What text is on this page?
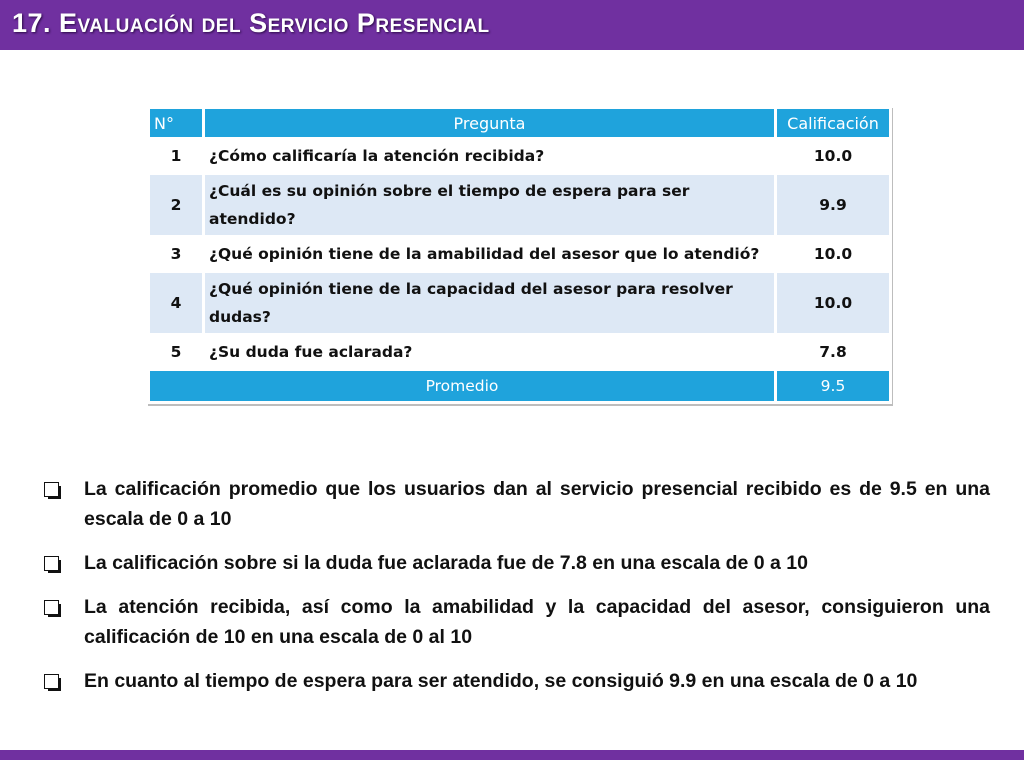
17. Evaluación del Servicio Presencial
N°	Pregunta	Calificación
1	¿Cómo calificaría la atención recibida?	10.0
2	¿Cuál es su opinión sobre el tiempo de espera para ser atendido?	9.9
3	¿Qué opinión tiene de la amabilidad del asesor que lo atendió?	10.0
4	¿Qué opinión tiene de la capacidad del asesor para resolver dudas?	10.0
5	¿Su duda fue aclarada?	7.8
Promedio		9.5
La calificación promedio que los usuarios dan al servicio presencial recibido es de 9.5 en una escala de 0 a 10
La calificación sobre si la duda fue aclarada fue de 7.8 en una escala de 0 a 10
La atención recibida, así como la amabilidad y la capacidad del asesor, consiguieron una calificación de 10 en una escala de 0 al 10
En cuanto al tiempo de espera para ser atendido, se consiguió 9.9 en una escala de 0 a 10
